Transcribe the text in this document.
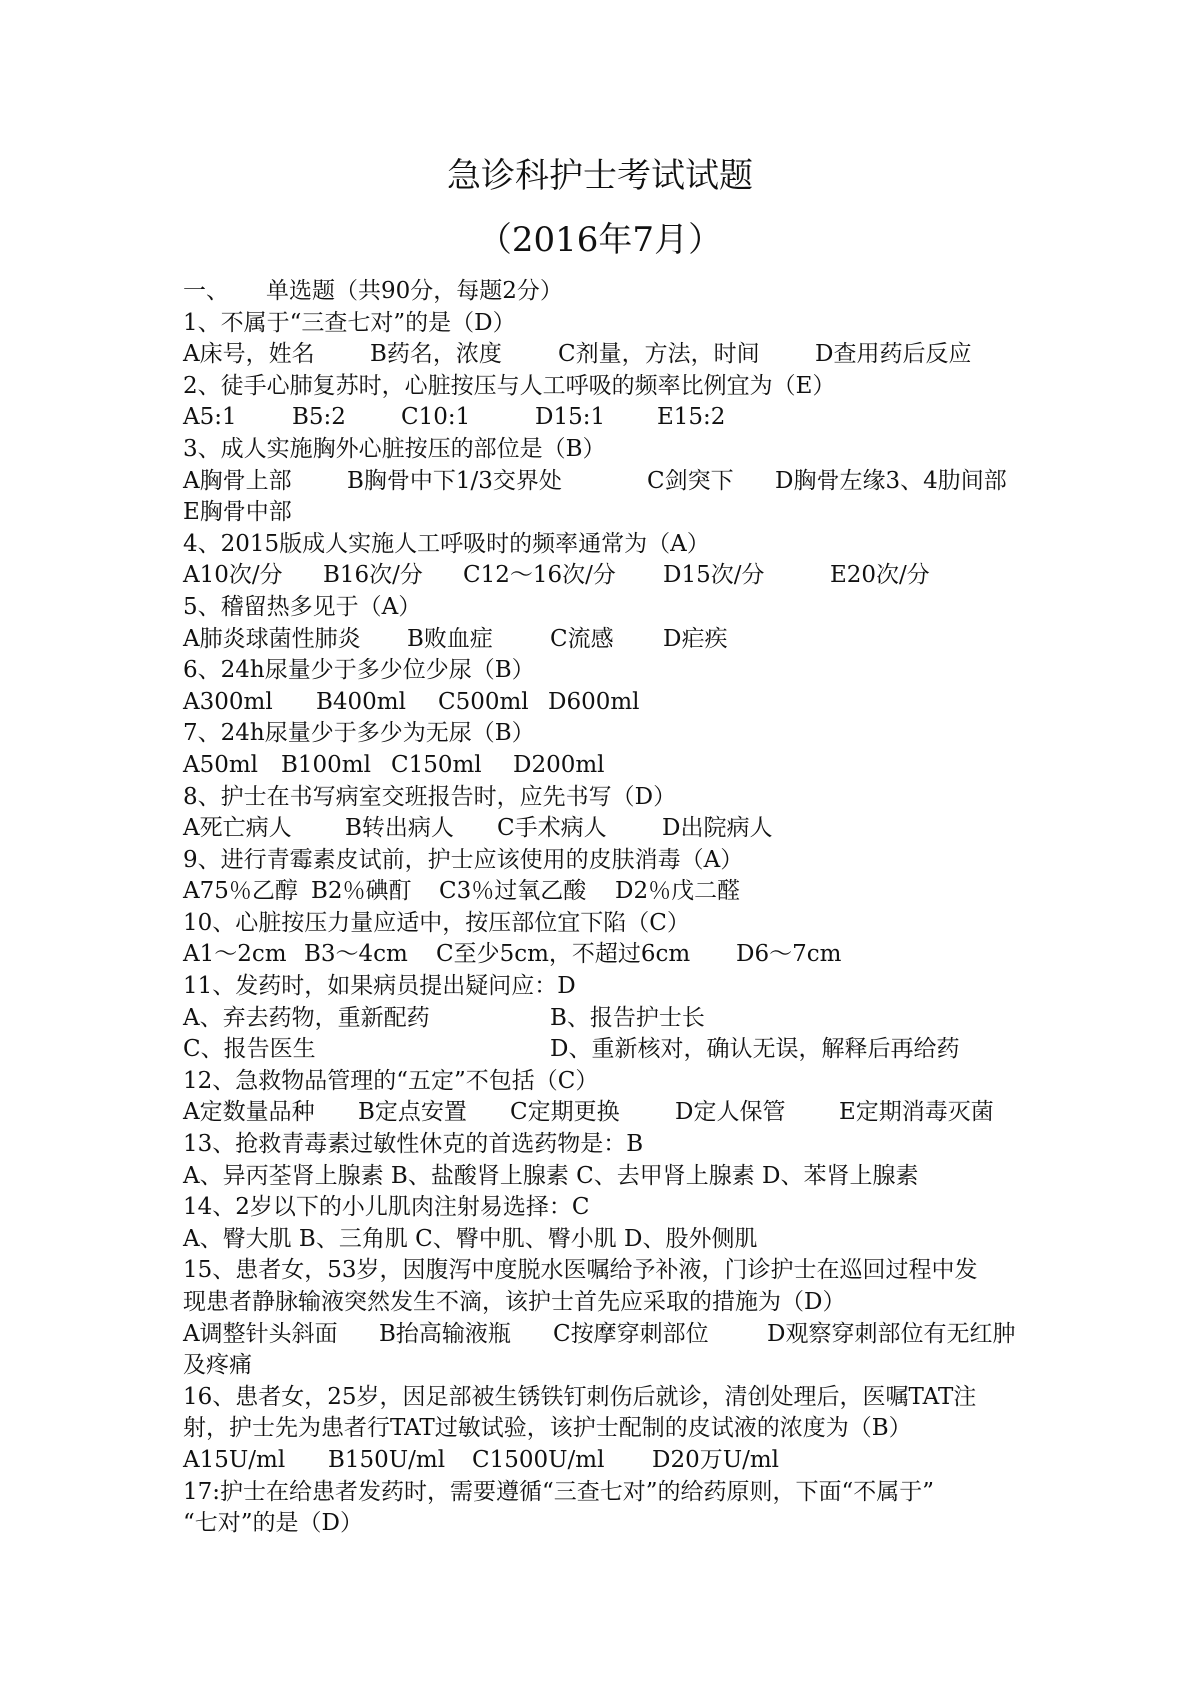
急诊科护士考试试题
（2016年7月）
一、 单选题（共90分，每题2分）
1、不属于“三查七对”的是（D）
A床号，姓名 B药名，浓度 C剂量，方法，时间 D查用药后反应
2、徒手心肺复苏时，心脏按压与人工呼吸的频率比例宜为（E）
A5:1 B5:2 C10:1	D15:1 E15:2
3、成人实施胸外心脏按压的部位是（B）
A胸骨上部 B胸骨中下1/3交界处	C剑突下 D胸骨左缘3、4肋间部
E胸骨中部
4、2015版成人实施人工呼吸时的频率通常为（A）
A10次/分 B16次/分 C12～16次/分 D15次/分	E20次/分
5、稽留热多见于（A）
A肺炎球菌性肺炎 B败血症 C流感 D疟疾
6、24h尿量少于多少位少尿（B）
A300ml B400ml C500ml D600ml
7、24h尿量少于多少为无尿（B）
A50ml B100ml C150ml D200ml
8、护士在书写病室交班报告时，应先书写（D）
A死亡病人 B转出病人 C手术病人 D出院病人
9、进行青霉素皮试前，护士应该使用的皮肤消毒（A）
A75％乙醇 B2％碘酊 C3％过氧乙酸 D2％戊二醛
10、心脏按压力量应适中，按压部位宜下陷（C）
A1～2cm B3～4cm C至少5cm，不超过6cm D6～7cm
11、发药时，如果病员提出疑问应：D
A、弃去药物，重新配药	B、报告护士长
C、报告医生	D、重新核对，确认无误，解释后再给药
12、急救物品管理的“五定”不包括（C）
A定数量品种 B定点安置 C定期更换 D定人保管 E定期消毒灭菌
13、抢救青毒素过敏性休克的首选药物是：B
A、异丙荃肾上腺素 B、盐酸肾上腺素 C、去甲肾上腺素 D、苯肾上腺素
14、2岁以下的小儿肌肉注射易选择：C
A、臀大肌 B、三角肌 C、臀中肌、臀小肌 D、股外侧肌
15、患者女，53岁，因腹泻中度脱水医嘱给予补液，门诊护士在巡回过程中发
现患者静脉输液突然发生不滴，该护士首先应采取的措施为（D）
A调整针头斜面 B抬高输液瓶 C按摩穿刺部位	D观察穿刺部位有无红肿
及疼痛
16、患者女，25岁，因足部被生锈铁钉刺伤后就诊，清创处理后，医嘱TAT注
射，护士先为患者行TAT过敏试验，该护士配制的皮试液的浓度为（B）
A15U/ml B150U/ml C1500U/ml D20万U/ml
17:护士在给患者发药时，需要遵循“三查七对”的给药原则，下面“不属于”
“七对”的是（D）
